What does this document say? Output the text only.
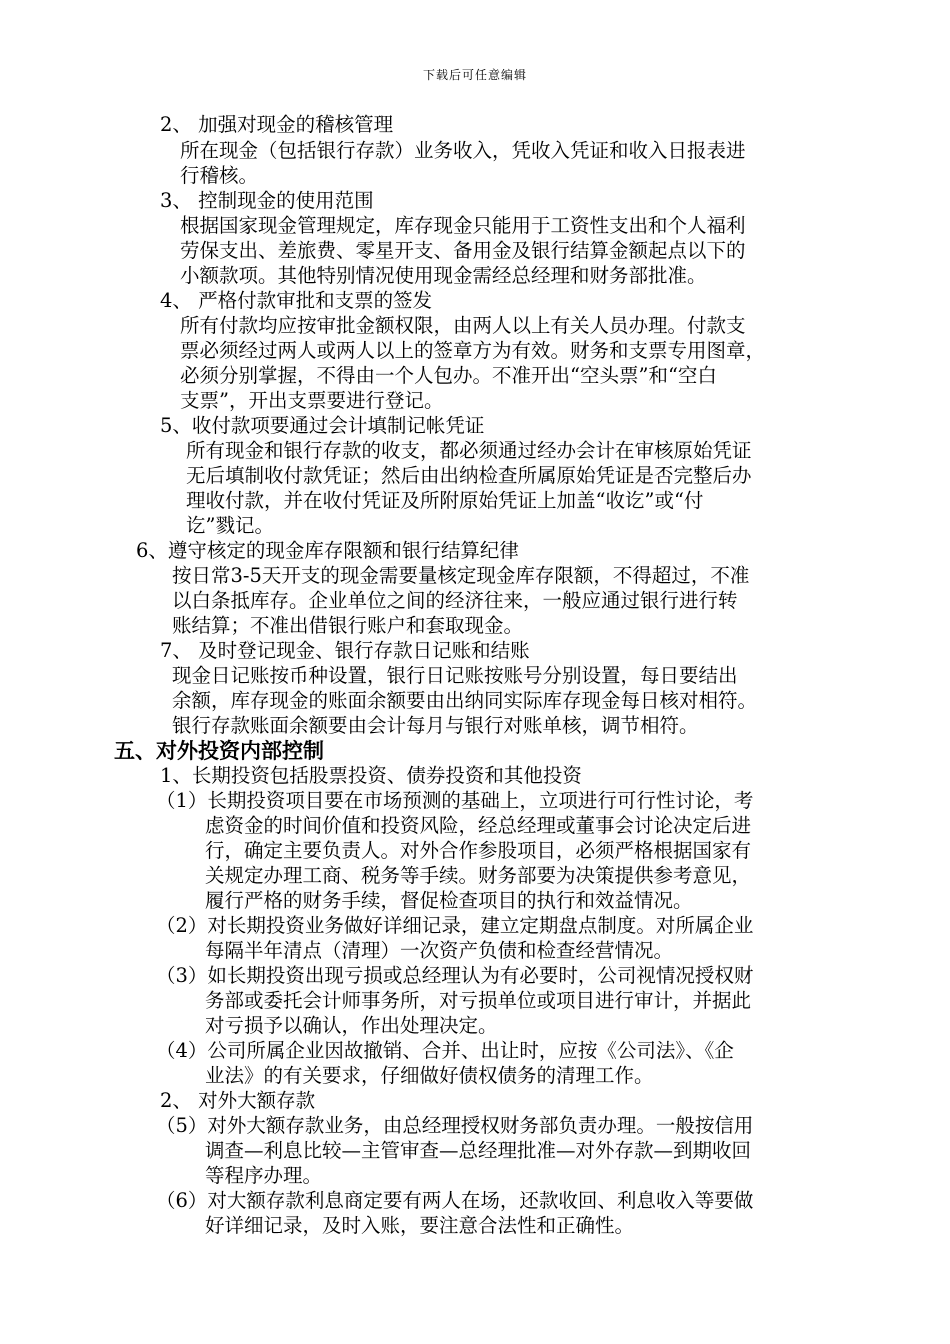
下载后可任意编辑
2、 加强对现金的稽核管理
所在现金（包括银行存款）业务收入，凭收入凭证和收入日报表进
行稽核。
3、 控制现金的使用范围
根据国家现金管理规定，库存现金只能用于工资性支出和个人福利
劳保支出、差旅费、零星开支、备用金及银行结算金额起点以下的
小额款项。其他特别情况使用现金需经总经理和财务部批准。
4、 严格付款审批和支票的签发
所有付款均应按审批金额权限，由两人以上有关人员办理。付款支
票必须经过两人或两人以上的签章方为有效。财务和支票专用图章，
必须分别掌握，不得由一个人包办。不准开出“空头票”和“空白
支票”，开出支票要进行登记。
5、收付款项要通过会计填制记帐凭证
所有现金和银行存款的收支，都必须通过经办会计在审核原始凭证
无后填制收付款凭证；然后由出纳检查所属原始凭证是否完整后办
理收付款，并在收付凭证及所附原始凭证上加盖“收讫”或“付
讫”戮记。
6、遵守核定的现金库存限额和银行结算纪律
按日常3-5天开支的现金需要量核定现金库存限额，不得超过，不准
以白条抵库存。企业单位之间的经济往来，一般应通过银行进行转
账结算；不准出借银行账户和套取现金。
7、 及时登记现金、银行存款日记账和结账
现金日记账按币种设置，银行日记账按账号分别设置，每日要结出
余额，库存现金的账面余额要由出纳同实际库存现金每日核对相符。
银行存款账面余额要由会计每月与银行对账单核，调节相符。
五、对外投资内部控制
1、长期投资包括股票投资、债券投资和其他投资
（1）长期投资项目要在市场预测的基础上，立项进行可行性讨论，考
虑资金的时间价值和投资风险，经总经理或董事会讨论决定后进
行，确定主要负责人。对外合作参股项目，必须严格根据国家有
关规定办理工商、税务等手续。财务部要为决策提供参考意见，
履行严格的财务手续，督促检查项目的执行和效益情况。
（2）对长期投资业务做好详细记录，建立定期盘点制度。对所属企业
每隔半年清点（清理）一次资产负债和检查经营情况。
（3）如长期投资出现亏损或总经理认为有必要时，公司视情况授权财
务部或委托会计师事务所，对亏损单位或项目进行审计，并据此
对亏损予以确认，作出处理决定。
（4）公司所属企业因故撤销、合并、出让时，应按《公司法》、《企
业法》的有关要求，仔细做好债权债务的清理工作。
2、 对外大额存款
（5）对外大额存款业务，由总经理授权财务部负责办理。一般按信用
调查—利息比较—主管审查—总经理批准—对外存款—到期收回
等程序办理。
（6）对大额存款利息商定要有两人在场，还款收回、利息收入等要做
好详细记录，及时入账，要注意合法性和正确性。
